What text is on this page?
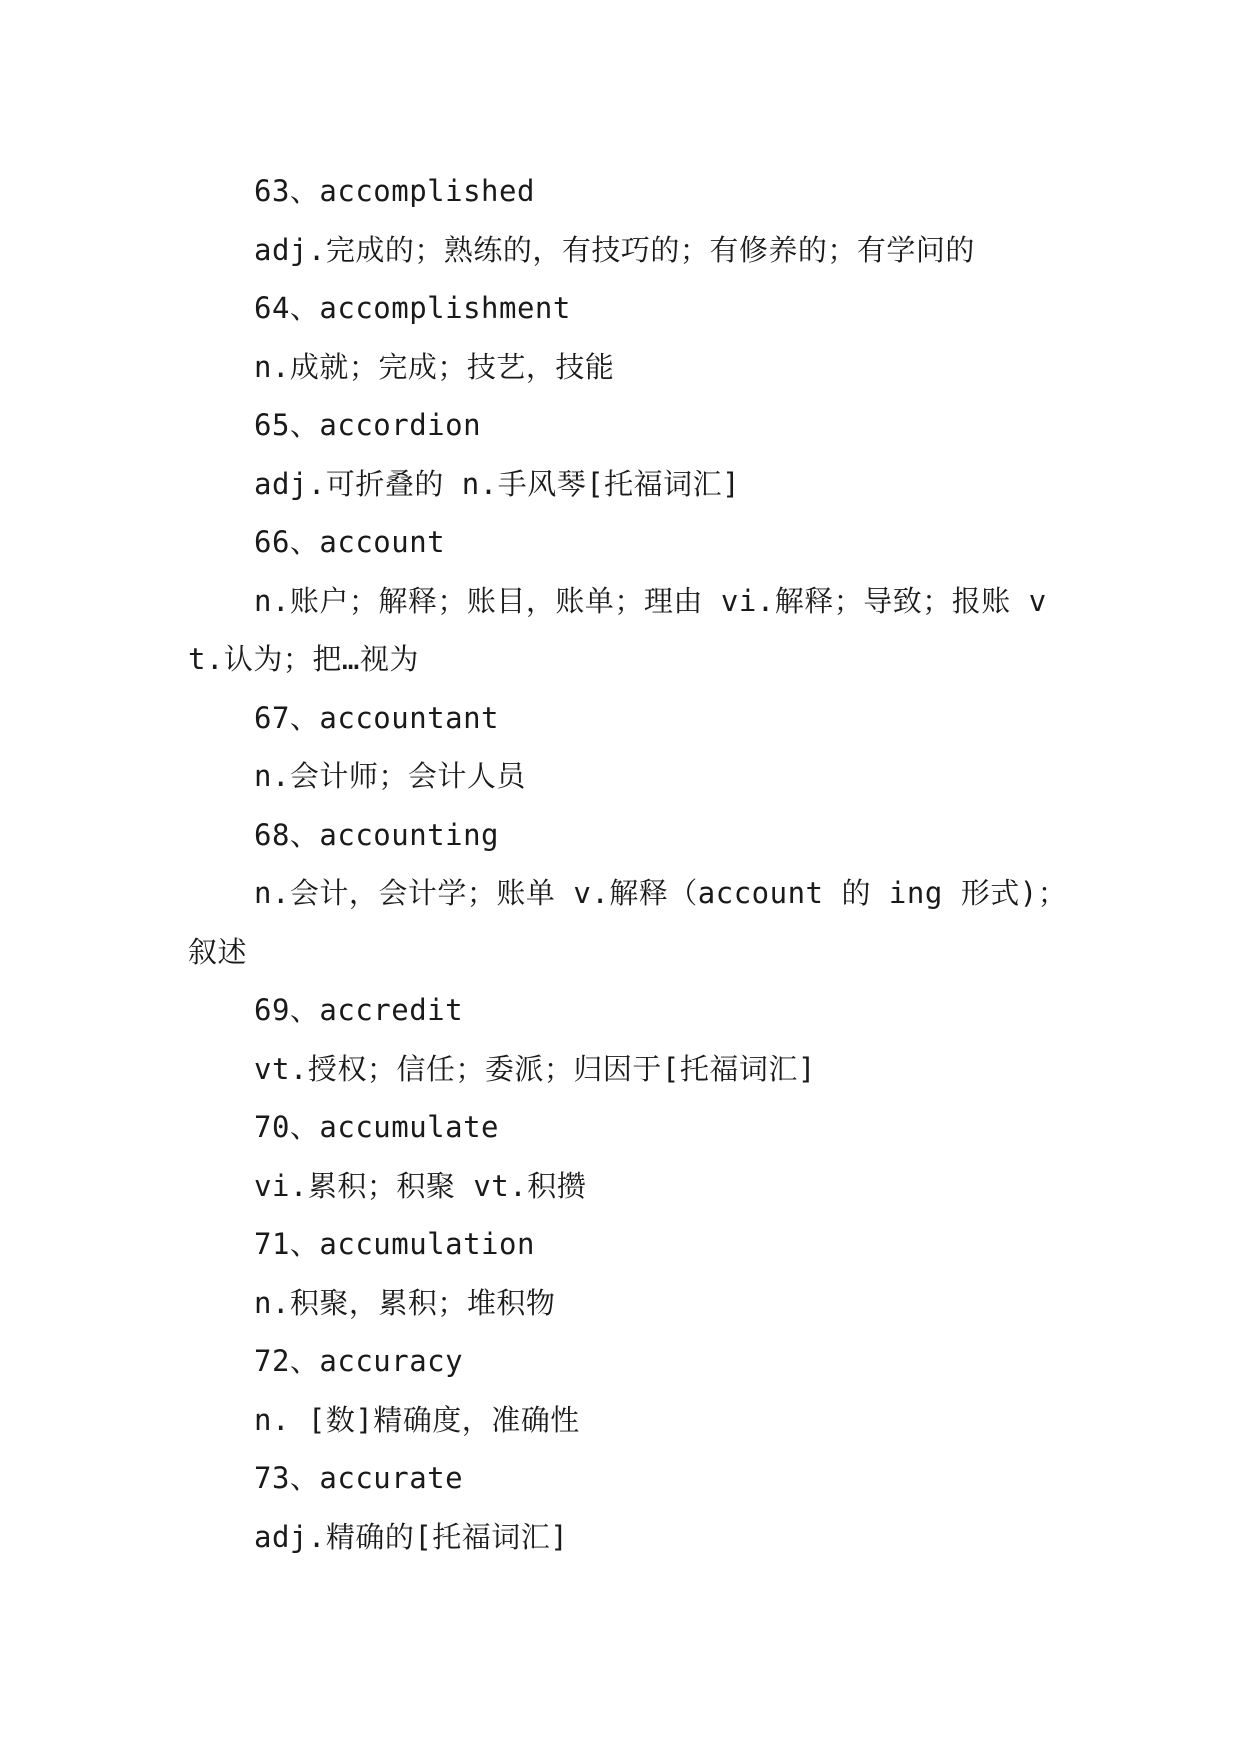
63、accomplished

adj.完成的；熟练的，有技巧的；有修养的；有学问的

64、accomplishment

n.成就；完成；技艺，技能

65、accordion

adj.可折叠的 n.手风琴[托福词汇]

66、account

n.账户；解释；账目，账单；理由 vi.解释；导致；报账 vt.认为；把…视为

67、accountant

n.会计师；会计人员

68、accounting

n.会计，会计学；账单 v.解释（account 的 ing 形式)；叙述

69、accredit

vt.授权；信任；委派；归因于[托福词汇]

70、accumulate

vi.累积；积聚 vt.积攒

71、accumulation

n.积聚，累积；堆积物

72、accuracy

n. [数]精确度，准确性

73、accurate

adj.精确的[托福词汇]
